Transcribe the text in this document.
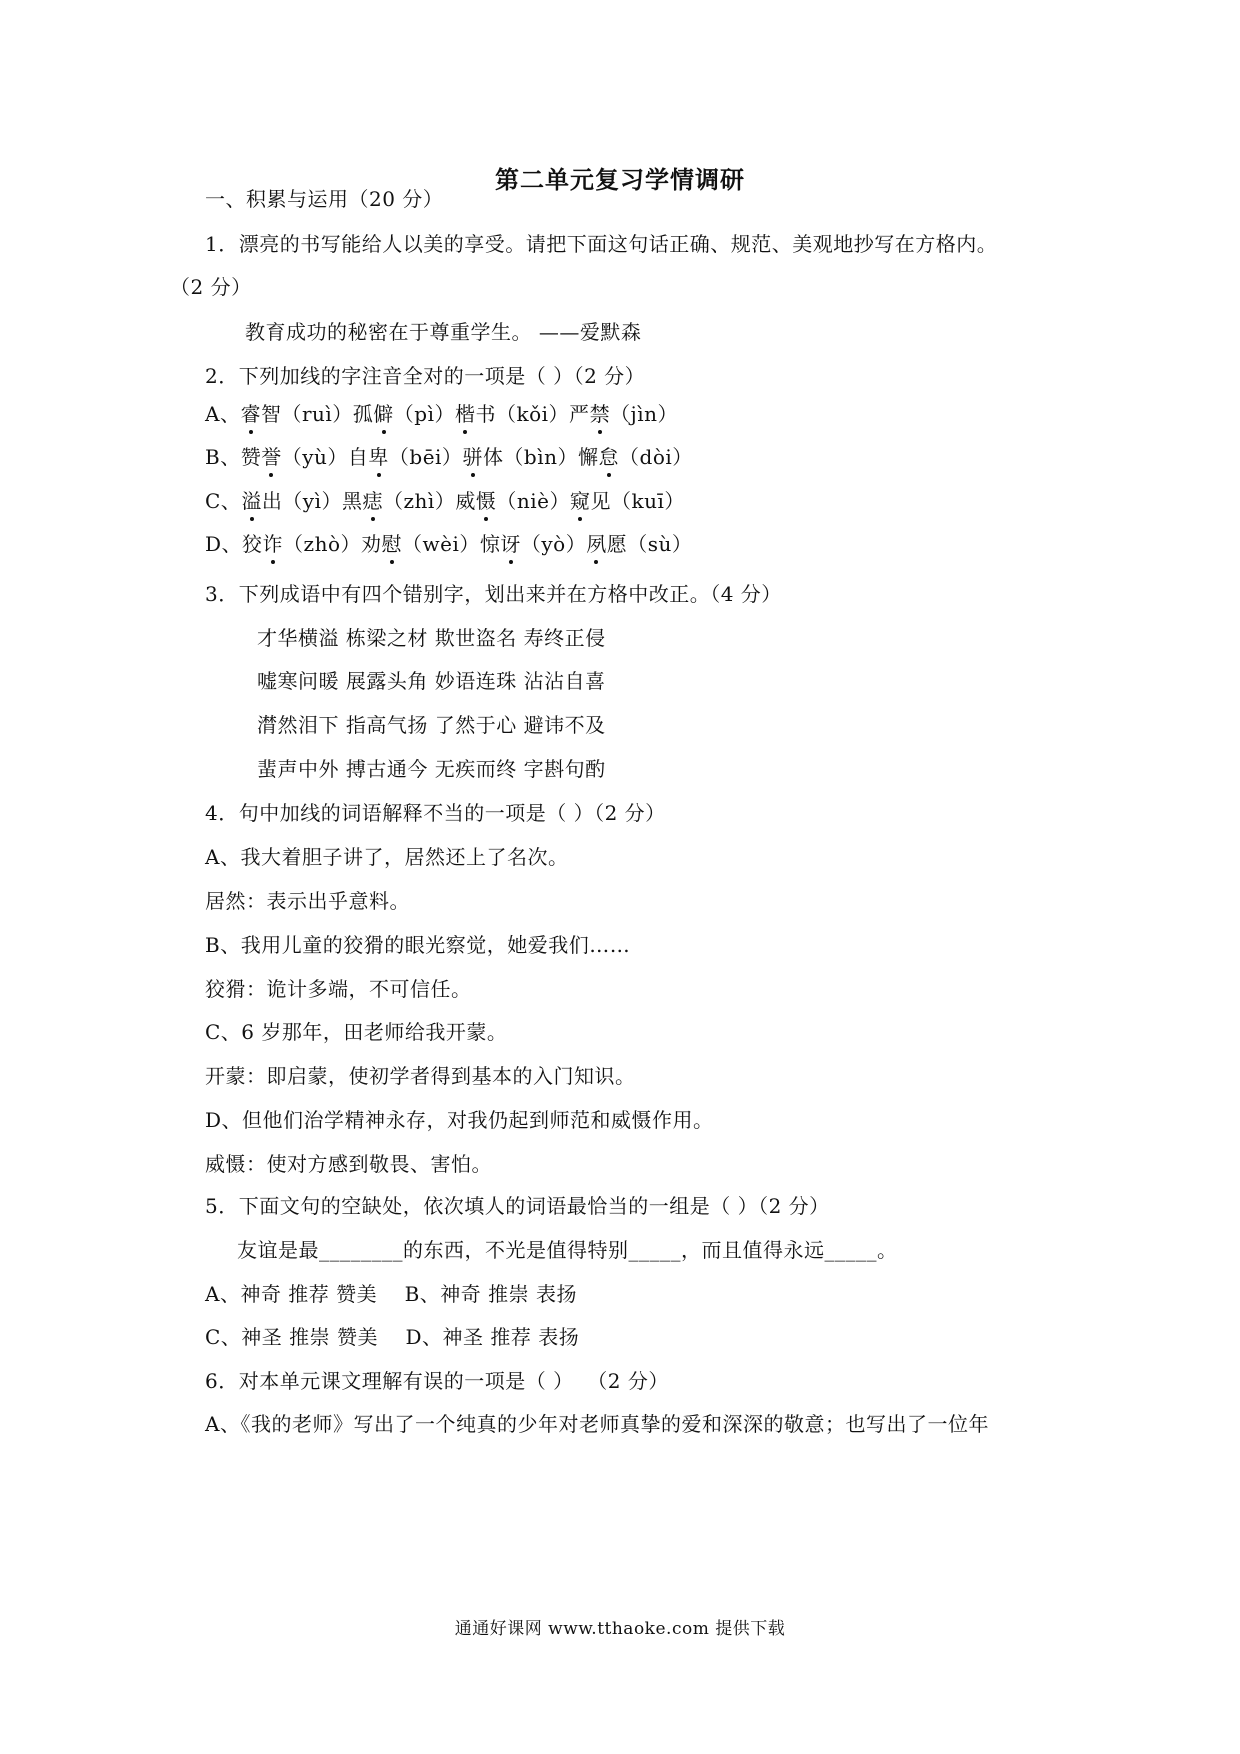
第二单元复习学情调研
一、积累与运用（20 分）
1．漂亮的书写能给人以美的享受。请把下面这句话正确、规范、美观地抄写在方格内。
（2 分）
教育成功的秘密在于尊重学生。 ——爱默森
2．下列加线的字注音全对的一项是（ ）（2 分）
A、睿智（ruì）孤僻（pì）楷书（kǒi）严禁（jìn）
B、赞誉（yù）自卑（bēi）骈体（bìn）懈怠（dòi）
C、溢出（yì）黑痣（zhì）威慑（niè）窥见（kuī）
D、狡诈（zhò）劝慰（wèi）惊讶（yò）夙愿（sù）
3．下列成语中有四个错别字，划出来并在方格中改正。（4 分）
才华横溢 栋梁之材 欺世盗名 寿终正侵
嘘寒问暖 展露头角 妙语连珠 沾沾自喜
潸然泪下 指高气扬 了然于心 避讳不及
蜚声中外 搏古通今 无疾而终 字斟句酌
4．句中加线的词语解释不当的一项是（ ）（2 分）
A、我大着胆子讲了，居然还上了名次。
居然：表示出乎意料。
B、我用儿童的狡猾的眼光察觉，她爱我们……
狡猾：诡计多端，不可信任。
C、6 岁那年，田老师给我开蒙。
开蒙：即启蒙，使初学者得到基本的入门知识。
D、但他们治学精神永存，对我仍起到师范和威慑作用。
威慑：使对方感到敬畏、害怕。
5．下面文句的空缺处，依次填人的词语最恰当的一组是（ ）（2 分）
友谊是最________的东西，不光是值得特别_____，而且值得永远_____。
A、神奇 推荐 赞美    B、神奇 推崇 表扬
C、神圣 推崇 赞美    D、神圣 推荐 表扬
6．对本单元课文理解有误的一项是（ ）  （2 分）
A、《我的老师》写出了一个纯真的少年对老师真挚的爱和深深的敬意；也写出了一位年
通通好课网 www.tthaoke.com 提供下载
